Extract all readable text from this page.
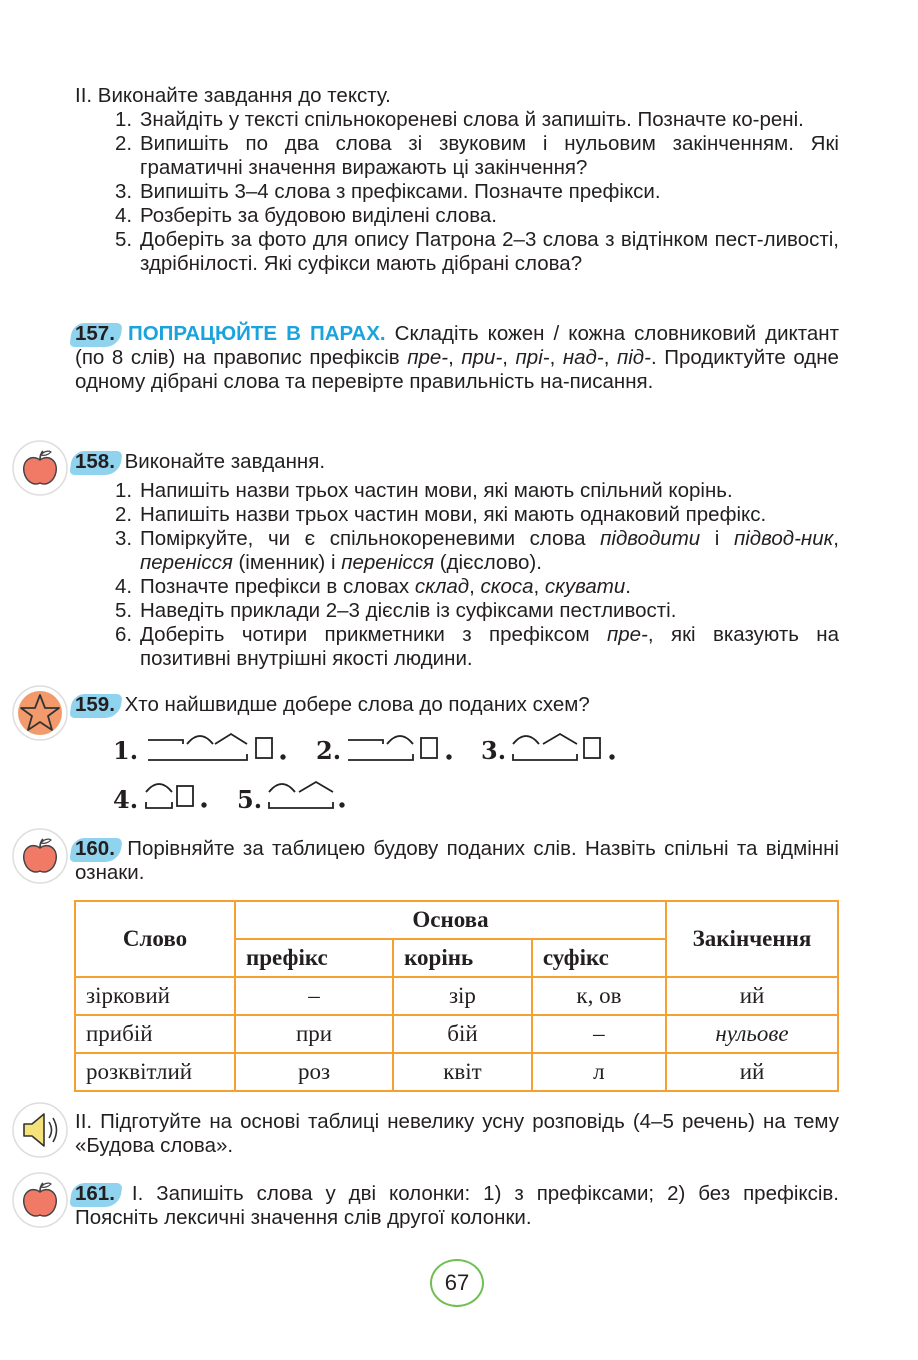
ІІ. Виконайте завдання до тексту.
1. Знайдіть у тексті спільнокореневі слова й запишіть. Позначте ко-рені.
2. Випишіть по два слова зі звуковим і нульовим закінченням. Які граматичні значення виражають ці закінчення?
3. Випишіть 3–4 слова з префіксами. Позначте префікси.
4. Розберіть за будовою виділені слова.
5. Доберіть за фото для опису Патрона 2–3 слова з відтінком пест-ливості, здрібнілості. Які суфікси мають дібрані слова?
157. ПОПРАЦЮЙТЕ В ПАРАХ. Складіть кожен / кожна словниковий диктант (по 8 слів) на правопис префіксів пре-, при-, прі-, над-, під-. Продиктуйте одне одному дібрані слова та перевірте правильність на-писання.
158. Виконайте завдання.
1. Напишіть назви трьох частин мови, які мають спільний корінь.
2. Напишіть назви трьох частин мови, які мають однаковий префікс.
3. Поміркуйте, чи є спільнокореневими слова підводити і підвод-ник, перенісся (іменник) і перенісся (дієслово).
4. Позначте префікси в словах склад, скоса, скувати.
5. Наведіть приклади 2–3 дієслів із суфіксами пестливості.
6. Доберіть чотири прикметники з префіксом пре-, які вказують на позитивні внутрішні якості людини.
159. Хто найшвидше добере слова до поданих схем?
1.	2.	3.
4.	5.
160. Порівняйте за таблицею будову поданих слів. Назвіть спільні та відмінні ознаки.
Слово	Основа			Закінчення
	префікс	корінь	суфікс	
зірковий	–	зір	к, ов	ий
прибій	при	бій	–	нульове
розквітлий	роз	квіт	л	ий
ІІ. Підготуйте на основі таблиці невелику усну розповідь (4–5 речень) на тему «Будова слова».
161. І. Запишіть слова у дві колонки: 1) з префіксами; 2) без префіксів. Поясніть лексичні значення слів другої колонки.
67
